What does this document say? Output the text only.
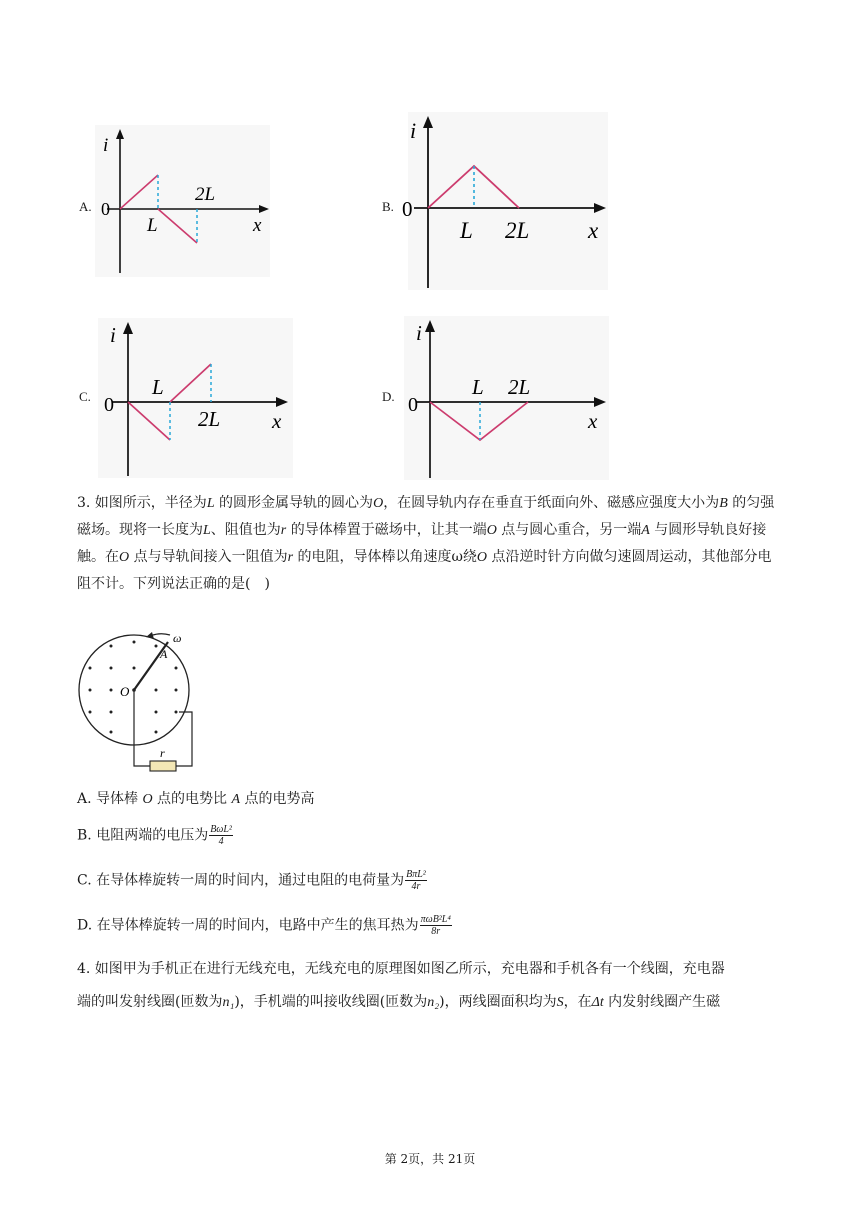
A.	B.
C.	D.
i
0
L
2L
x
i
0
L 2L	x
i
0
L
2L x
i
0
L 2L
x
3. 如图所示，半径为L 的圆形金属导轨的圆心为O，在圆导轨内存在垂直于纸面向外、磁感应强度大小为B 的匀强磁场。现将一长度为L、阻值也为r 的导体棒置于磁场中，让其一端O 点与圆心重合，另一端A 与圆形导轨良好接触。在O 点与导轨间接入一阻值为r 的电阻，导体棒以角速度ω绕O 点沿逆时针方向做匀速圆周运动，其他部分电阻不计。下列说法正确的是(　)
ω
A
O
r
A. 导体棒 O 点的电势比 A 点的电势高
B. 电阻两端的电压为 $\frac{\text{BωL²}}{4}$
C. 在导体棒旋转一周的时间内，通过电阻的电荷量为 $\frac{\text{BπL²}}{4r}$
D. 在导体棒旋转一周的时间内，电路中产生的焦耳热为 $\frac{\text{πωB²L⁴}}{8r}$
4. 如图甲为手机正在进行无线充电，无线充电的原理图如图乙所示，充电器和手机各有一个线圈，充电器
端的叫发射线圈(匝数为n₁)，手机端的叫接收线圈(匝数为n₂)，两线圈面积均为S，在Δt 内发射线圈产生磁
第 2页，共 21页
